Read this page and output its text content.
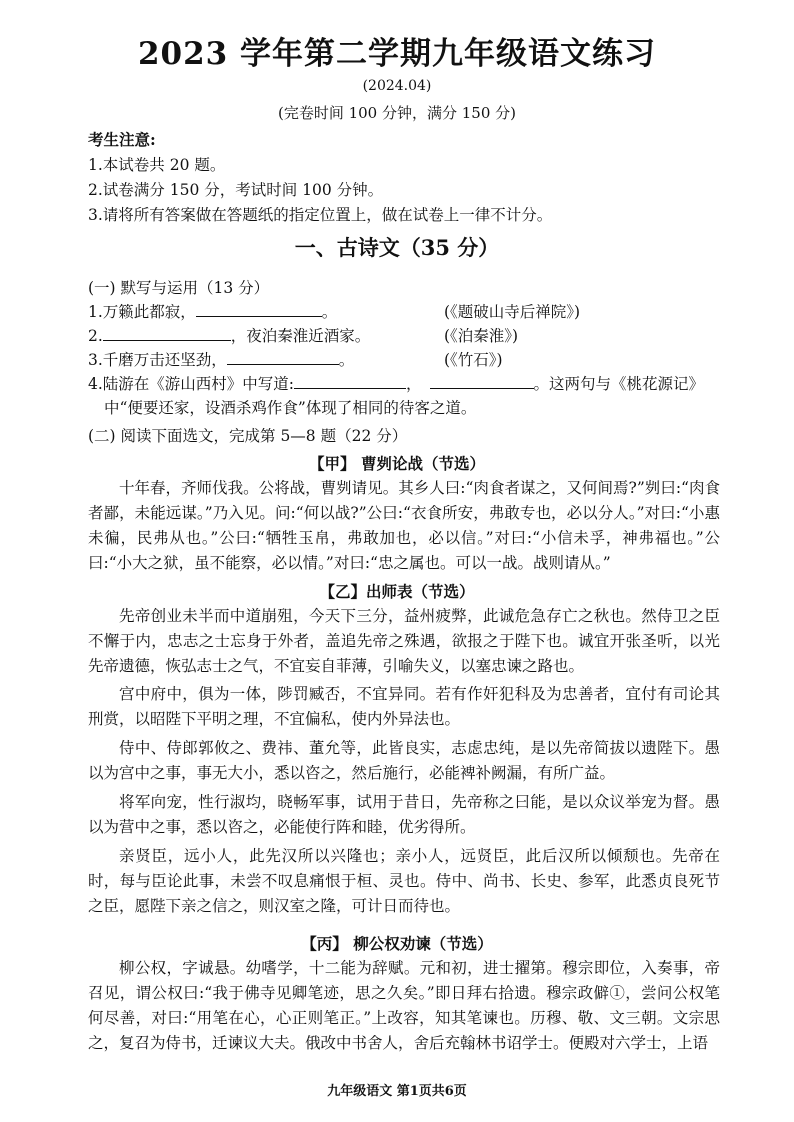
2023 学年第二学期九年级语文练习
(2024.04)
(完卷时间 100 分钟，满分 150 分)
考生注意:
1.本试卷共 20 题。
2.试卷满分 150 分，考试时间 100 分钟。
3.请将所有答案做在答题纸的指定位置上，做在试卷上一律不计分。
一、古诗文（35 分）
(一) 默写与运用（13 分）
1.万籁此都寂，	。	(《题破山寺后禅院》)
2.	，夜泊秦淮近酒家。	(《泊秦淮》)
3.千磨万击还坚劲，	。	(《竹石》)
4.陆游在《游山西村》中写道:	，	。这两句与《桃花源记》
中“便要还家，设酒杀鸡作食”体现了相同的待客之道。
(二) 阅读下面选文，完成第 5—8 题（22 分）
【甲】 曹刿论战（节选）
十年春，齐师伐我。公将战，曹刿请见。其乡人曰:“肉食者谋之，又何间焉?”刿曰:“肉食者鄙，未能远谋。”乃入见。问:“何以战?”公曰:“衣食所安，弗敢专也，必以分人。”对曰:“小惠未徧，民弗从也。”公曰:“牺牲玉帛，弗敢加也，必以信。”对曰:“小信未孚，神弗福也。”公曰:“小大之狱，虽不能察，必以情。”对曰:“忠之属也。可以一战。战则请从。”
【乙】出师表（节选）
先帝创业未半而中道崩殂，今天下三分，益州疲弊，此诚危急存亡之秋也。然侍卫之臣不懈于内，忠志之士忘身于外者，盖追先帝之殊遇，欲报之于陛下也。诚宜开张圣听，以光先帝遗德，恢弘志士之气，不宜妄自菲薄，引喻失义，以塞忠谏之路也。
宫中府中，俱为一体，陟罚臧否，不宜异同。若有作奸犯科及为忠善者，宜付有司论其刑赏，以昭陛下平明之理，不宜偏私，使内外异法也。
侍中、侍郎郭攸之、费祎、董允等，此皆良实，志虑忠纯，是以先帝简拔以遗陛下。愚以为宫中之事，事无大小，悉以咨之，然后施行，必能裨补阙漏，有所广益。
将军向宠，性行淑均，晓畅军事，试用于昔日，先帝称之曰能，是以众议举宠为督。愚以为营中之事，悉以咨之，必能使行阵和睦，优劣得所。
亲贤臣，远小人，此先汉所以兴隆也；亲小人，远贤臣，此后汉所以倾颓也。先帝在时，每与臣论此事，未尝不叹息痛恨于桓、灵也。侍中、尚书、长史、参军，此悉贞良死节之臣，愿陛下亲之信之，则汉室之隆，可计日而待也。
【丙】 柳公权劝谏（节选）
柳公权，字诚悬。幼嗜学，十二能为辞赋。元和初，进士擢第。穆宗即位，入奏事，帝召见，谓公权曰:“我于佛寺见卿笔迹，思之久矣。”即日拜右拾遗。穆宗政僻①，尝问公权笔何尽善，对曰:“用笔在心，心正则笔正。”上改容，知其笔谏也。历穆、敬、文三朝。文宗思之，复召为侍书，迁谏议大夫。俄改中书舍人，舍后充翰林书诏学士。便殿对六学士，上语
九年级语文 第1页共6页
